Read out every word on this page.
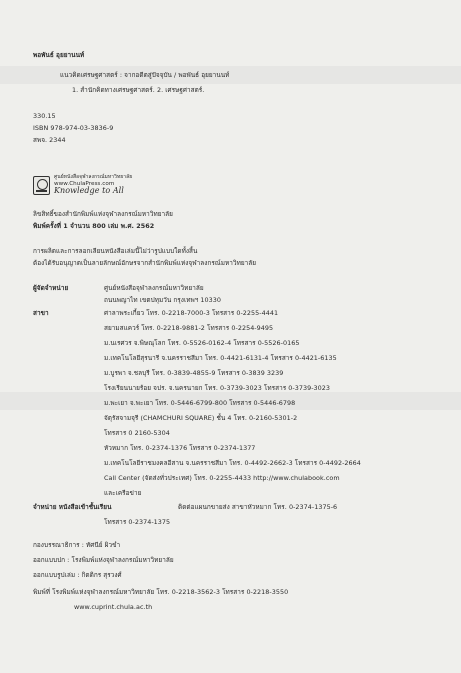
พอพันธ์ อุยยานนท์
แนวคิดเศรษฐศาสตร์ : จากอดีตสู่ปัจจุบัน / พอพันธ์ อุยยานนท์
1. สำนักคิดทางเศรษฐศาสตร์. 2. เศรษฐศาสตร์.
330.15
ISBN 978-974-03-3836-9
สพจ. 2344
ศูนย์หนังสือจุฬาลงกรณ์มหาวิทยาลัย
www.ChulaPress.com
Knowledge to All
ลิขสิทธิ์ของสำนักพิมพ์แห่งจุฬาลงกรณ์มหาวิทยาลัย
พิมพ์ครั้งที่ 1 จำนวน 800 เล่ม พ.ศ. 2562
การผลิตและการลอกเลียนหนังสือเล่มนี้ไม่ว่ารูปแบบใดทั้งสิ้น
ต้องได้รับอนุญาตเป็นลายลักษณ์อักษรจากสำนักพิมพ์แห่งจุฬาลงกรณ์มหาวิทยาลัย
ผู้จัดจำหน่าย	ศูนย์หนังสือจุฬาลงกรณ์มหาวิทยาลัย
ถนนพญาไท เขตปทุมวัน กรุงเทพฯ 10330
สาขา	ศาลาพระเกี้ยว โทร. 0-2218-7000-3 โทรสาร 0-2255-4441
สยามสแควร์ โทร. 0-2218-9881-2 โทรสาร 0-2254-9495
ม.นเรศวร จ.พิษณุโลก โทร. 0-5526-0162-4 โทรสาร 0-5526-0165
ม.เทคโนโลยีสุรนารี จ.นครราชสีมา โทร. 0-4421-6131-4 โทรสาร 0-4421-6135
ม.บูรพา จ.ชลบุรี โทร. 0-3839-4855-9 โทรสาร 0-3839 3239
โรงเรียนนายร้อย จปร. จ.นครนายก โทร. 0-3739-3023 โทรสาร 0-3739-3023
ม.พะเยา จ.พะเยา โทร. 0-5446-6799-800 โทรสาร 0-5446-6798
จัตุรัสจามจุรี (CHAMCHURI SQUARE) ชั้น 4 โทร. 0-2160-5301-2
โทรสาร 0 2160-5304
หัวหมาก โทร. 0-2374-1376 โทรสาร 0-2374-1377
ม.เทคโนโลยีราชมงคลอีสาน จ.นครราชสีมา โทร. 0-4492-2662-3 โทรสาร 0-4492-2664
Call Center (จัดส่งทั่วประเทศ) โทร. 0-2255-4433 http://www.chulabook.com
และเครือข่าย
จำหน่าย หนังสือเข้าชั้นเรียน	ติดต่อแผนกขายส่ง สาขาหัวหมาก โทร. 0-2374-1375-6
โทรสาร 0-2374-1375
กองบรรณาธิการ : ทัศนีย์ ผิวขำ
ออกแบบปก : โรงพิมพ์แห่งจุฬาลงกรณ์มหาวิทยาลัย
ออกแบบรูปเล่ม : กิตติกร สุรวงศ์
พิมพ์ที่ โรงพิมพ์แห่งจุฬาลงกรณ์มหาวิทยาลัย โทร. 0-2218-3562-3 โทรสาร 0-2218-3550
www.cuprint.chula.ac.th
